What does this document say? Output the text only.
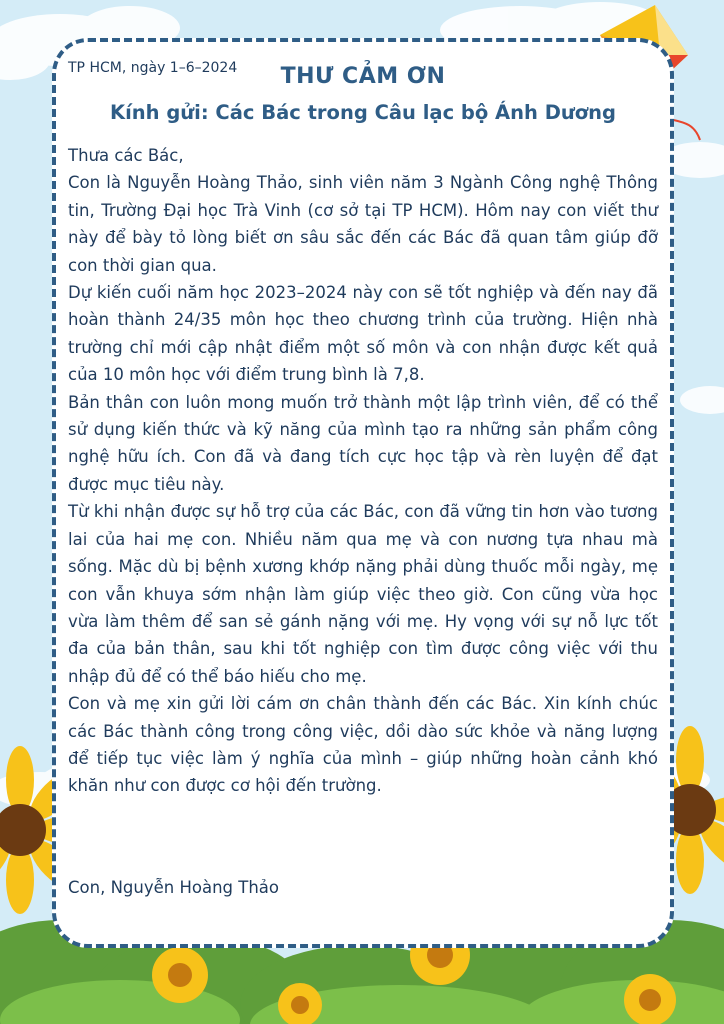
TP HCM, ngày 1–6–2024	THƯ CẢM ƠN
Kính gửi: Các Bác trong Câu lạc bộ Ánh Dương

Thưa các Bác,

Con là Nguyễn Hoàng Thảo, sinh viên năm 3 Ngành Công nghệ Thông tin, Trường Đại học Trà Vinh (cơ sở tại TP HCM). Hôm nay con viết thư này để bày tỏ lòng biết ơn sâu sắc đến các Bác đã quan tâm giúp đỡ con thời gian qua.

Dự kiến cuối năm học 2023–2024 này con sẽ tốt nghiệp và đến nay đã hoàn thành 24/35 môn học theo chương trình của trường. Hiện nhà trường chỉ mới cập nhật điểm một số môn và con nhận được kết quả của 10 môn học với điểm trung bình là 7,8.

Bản thân con luôn mong muốn trở thành một lập trình viên, để có thể sử dụng kiến thức và kỹ năng của mình tạo ra những sản phẩm công nghệ hữu ích. Con đã và đang tích cực học tập và rèn luyện để đạt được mục tiêu này.

Từ khi nhận được sự hỗ trợ của các Bác, con đã vững tin hơn vào tương lai của hai mẹ con. Nhiều năm qua mẹ và con nương tựa nhau mà sống. Mặc dù bị bệnh xương khớp nặng phải dùng thuốc mỗi ngày, mẹ con vẫn khuya sớm nhận làm giúp việc theo giờ. Con cũng vừa học vừa làm thêm để san sẻ gánh nặng với mẹ. Hy vọng với sự nỗ lực tốt đa của bản thân, sau khi tốt nghiệp con tìm được công việc với thu nhập đủ để có thể báo hiếu cho mẹ.

Con và mẹ xin gửi lời cám ơn chân thành đến các Bác. Xin kính chúc các Bác thành công trong công việc, dồi dào sức khỏe và năng lượng để tiếp tục việc làm ý nghĩa của mình – giúp những hoàn cảnh khó khăn như con được cơ hội đến trường.

Con, Nguyễn Hoàng Thảo
